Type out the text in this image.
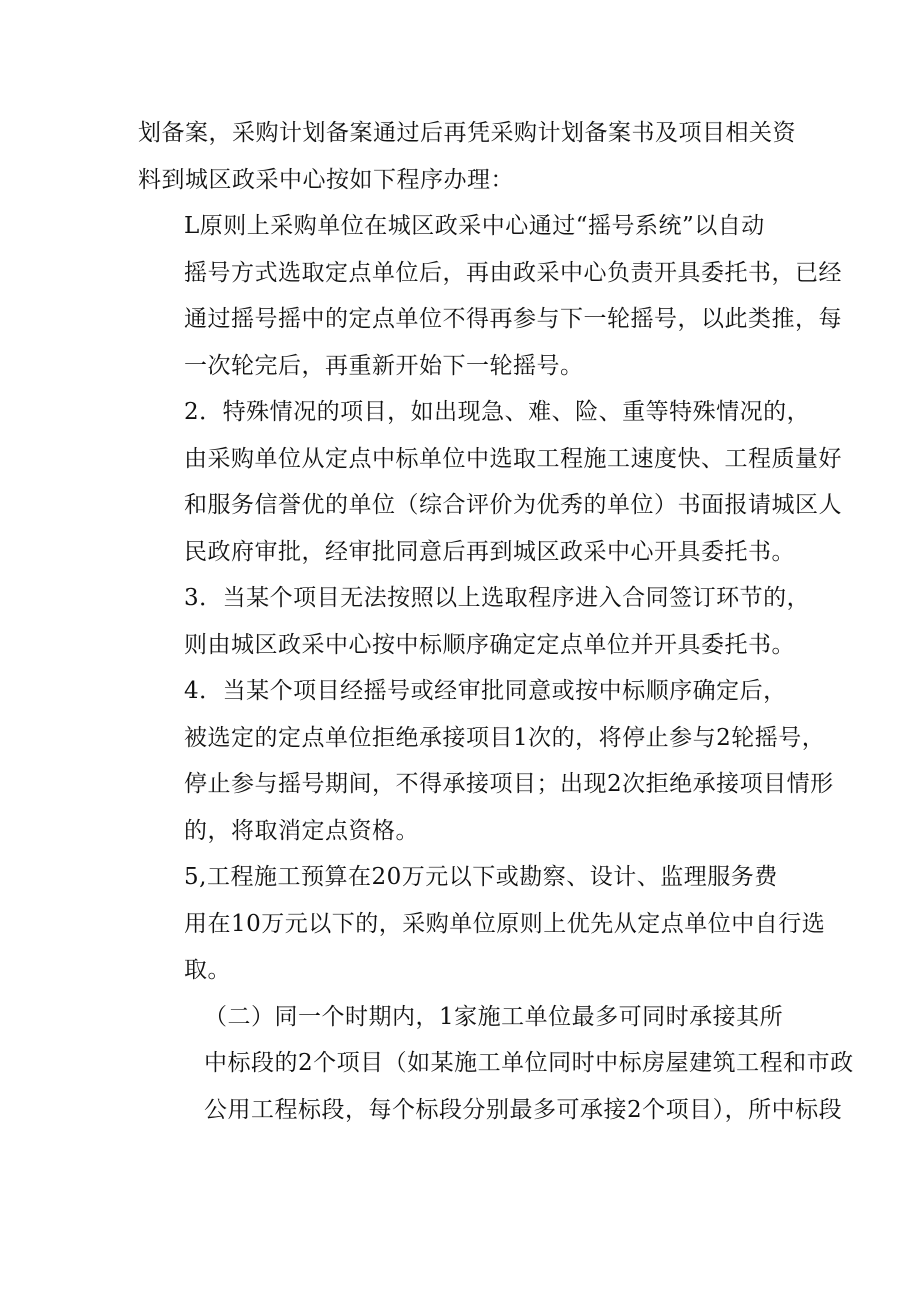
划备案，采购计划备案通过后再凭采购计划备案书及项目相关资
料到城区政采中心按如下程序办理：
L原则上采购单位在城区政采中心通过“摇号系统”以自动
摇号方式选取定点单位后，再由政采中心负责开具委托书，已经
通过摇号摇中的定点单位不得再参与下一轮摇号，以此类推，每
一次轮完后，再重新开始下一轮摇号。
2．特殊情况的项目，如出现急、难、险、重等特殊情况的，
由采购单位从定点中标单位中选取工程施工速度快、工程质量好
和服务信誉优的单位（综合评价为优秀的单位）书面报请城区人
民政府审批，经审批同意后再到城区政采中心开具委托书。
3．当某个项目无法按照以上选取程序进入合同签订环节的，
则由城区政采中心按中标顺序确定定点单位并开具委托书。
4．当某个项目经摇号或经审批同意或按中标顺序确定后，
被选定的定点单位拒绝承接项目1次的，将停止参与2轮摇号，
停止参与摇号期间，不得承接项目；出现2次拒绝承接项目情形
的，将取消定点资格。
5,工程施工预算在20万元以下或勘察、设计、监理服务费
用在10万元以下的，采购单位原则上优先从定点单位中自行选
取。
（二）同一个时期内，1家施工单位最多可同时承接其所
中标段的2个项目（如某施工单位同时中标房屋建筑工程和市政
公用工程标段，每个标段分别最多可承接2个项目），所中标段
